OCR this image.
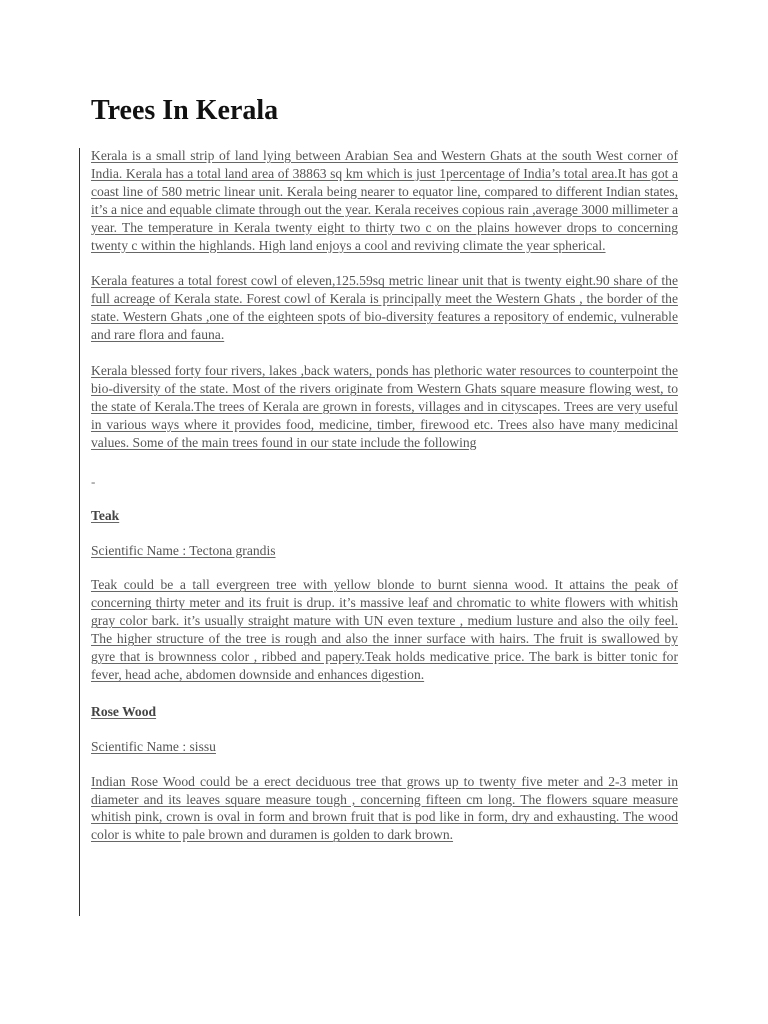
Trees In Kerala

Kerala is a small strip of land lying between Arabian Sea and Western Ghats at the south West corner of India. Kerala has a total land area of 38863 sq km which is just 1percentage of India’s total area.It has got a coast line of 580 metric linear unit. Kerala being nearer to equator line, compared to different Indian states, it’s a nice and equable climate through out the year. Kerala receives copious rain ,average 3000 millimeter a year. The temperature in Kerala twenty eight to thirty two c on the plains however drops to concerning twenty c within the highlands. High land enjoys a cool and reviving climate the year spherical.

Kerala features a total forest cowl of eleven,125.59sq metric linear unit that is twenty eight.90 share of the full acreage of Kerala state. Forest cowl of Kerala is principally meet the Western Ghats , the border of the state. Western Ghats ,one of the eighteen spots of bio-diversity features a repository of endemic, vulnerable and rare flora and fauna.

Kerala blessed forty four rivers, lakes ,back waters, ponds has plethoric water resources to counterpoint the bio-diversity of the state. Most of the rivers originate from Western Ghats square measure flowing west, to the state of Kerala.The trees of Kerala are grown in forests, villages and in cityscapes. Trees are very useful in various ways where it provides food, medicine, timber, firewood etc. Trees also have many medicinal values. Some of the main trees found in our state include the following

-

Teak

Scientific Name : Tectona grandis

Teak could be a tall evergreen tree with yellow blonde to burnt sienna wood. It attains the peak of concerning thirty meter and its fruit is drup. it’s massive leaf and chromatic to white flowers with whitish gray color bark. it’s usually straight mature with UN even texture , medium lusture and also the oily feel. The higher structure of the tree is rough and also the inner surface with hairs. The fruit is swallowed by gyre that is brownness color , ribbed and papery.Teak holds medicative price. The bark is bitter tonic for fever, head ache, abdomen downside and enhances digestion.

Rose Wood

Scientific Name : sissu

Indian Rose Wood could be a erect deciduous tree that grows up to twenty five meter and 2-3 meter in diameter and its leaves square measure tough , concerning fifteen cm long. The flowers square measure whitish pink, crown is oval in form and brown fruit that is pod like in form, dry and exhausting. The wood color is white to pale brown and duramen is golden to dark brown.
